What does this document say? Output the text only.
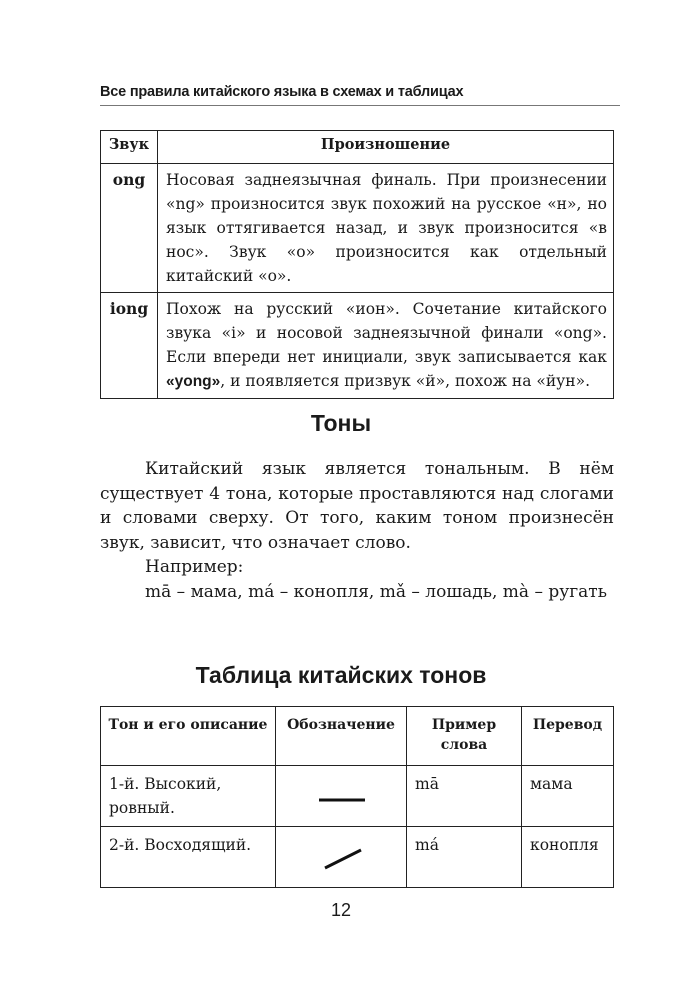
Все правила китайского языка в схемах и таблицах
Звук	Произношение
ong	Носовая заднеязычная финаль. При произнесении «ng» произносится звук похожий на русское «н», но язык оттягивается назад, и звук произносится «в нос». Звук «о» произносится как отдельный китайский «о».
iong	Похож на русский «ион». Сочетание китайского звука «i» и носовой заднеязычной финали «ong». Если впереди нет инициали, звук записывается как «yong», и появляется призвук «й», похож на «йун».
Тоны

Китайский язык является тональным. В нём существует 4 тона, которые проставляются над слогами и словами сверху. От того, каким тоном произнесён звук, зависит, что означает слово.

Например:

mā – мама, má – конопля, mǎ – лошадь, mà – ругать

Таблица китайских тонов
Тон и его описание	Обозначение	Пример слова	Перевод
1-й. Высокий, ровный.		mā	мама
2-й. Восходящий.		má	конопля
12
